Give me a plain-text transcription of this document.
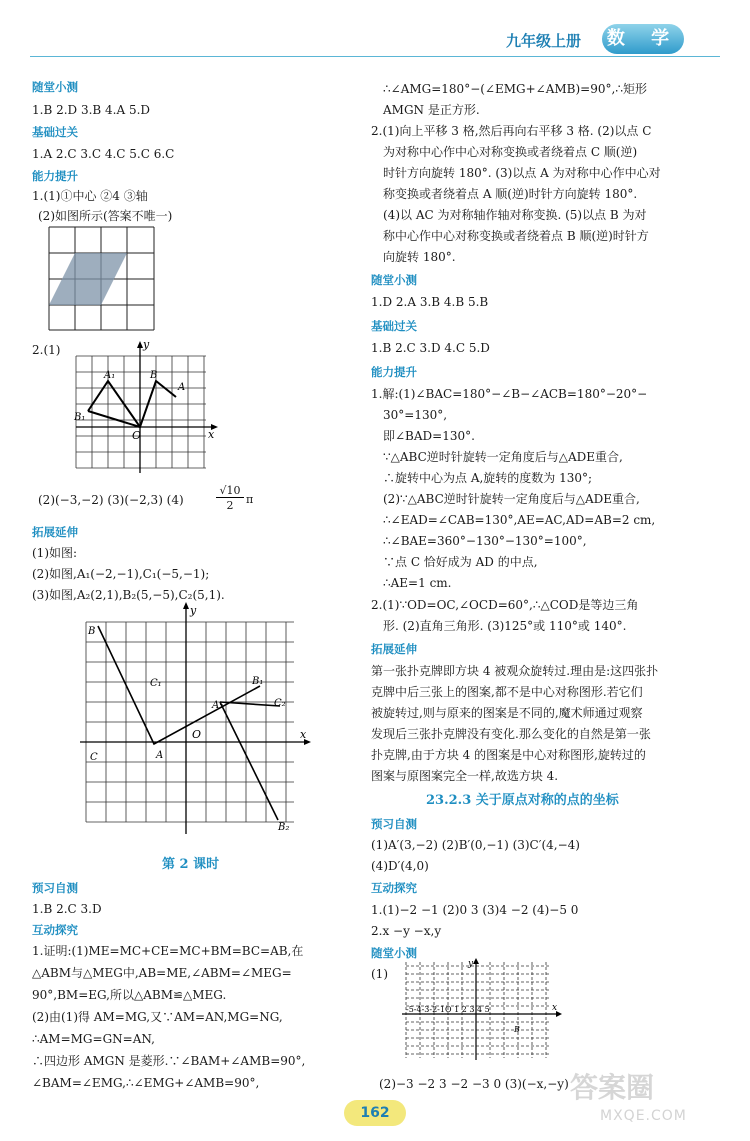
九年级上册 数 学
随堂小测
1.B 2.D 3.B 4.A 5.D
基础过关
1.A 2.C 3.C 4.C 5.C 6.C
能力提升
1.(1)①中心 ②4 ③轴
(2)如图所示(答案不唯一)
2.(1)	y
x
O
A₁	B
A
B₁
(2)(−3,−2) (3)(−2,3) (4)
√10
2	π
拓展延伸
(1)如图:
(2)如图,A₁(−2,−1),C₁(−5,−1);
(3)如图,A₂(2,1),B₂(5,−5),C₂(5,1).
y
x
O
B
C₁
A
C
B₁
A₂	C₂
B₂
第 2 课时
预习自测
1.B 2.C 3.D
互动探究
1.证明:(1)ME=MC+CE=MC+BM=BC=AB,在
△ABM与△MEG中,AB=ME,∠ABM=∠MEG=
90°,BM=EG,所以△ABM≌△MEG.
(2)由(1)得 AM=MG,又∵AM=AN,MG=NG,
∴AM=MG=GN=AN,
∴四边形 AMGN 是菱形.∵∠BAM+∠AMB=90°,
∠BAM=∠EMG,∴∠EMG+∠AMB=90°,
∴∠AMG=180°−(∠EMG+∠AMB)=90°,∴矩形
AMGN 是正方形.
2.(1)向上平移 3 格,然后再向右平移 3 格. (2)以点 C
为对称中心作中心对称变换或者绕着点 C 顺(逆)
时针方向旋转 180°. (3)以点 A 为对称中心作中心对
称变换或者绕着点 A 顺(逆)时针方向旋转 180°.
(4)以 AC 为对称轴作轴对称变换. (5)以点 B 为对
称中心作中心对称变换或者绕着点 B 顺(逆)时针方
向旋转 180°.
随堂小测
1.D 2.A 3.B 4.B 5.B
基础过关
1.B 2.C 3.D 4.C 5.D
能力提升
1.解:(1)∠BAC=180°−∠B−∠ACB=180°−20°−
30°=130°,
即∠BAD=130°.
∵△ABC逆时针旋转一定角度后与△ADE重合,
∴旋转中心为点 A,旋转的度数为 130°;
(2)∵△ABC逆时针旋转一定角度后与△ADE重合,
∴∠EAD=∠CAB=130°,AE=AC,AD=AB=2 cm,
∴∠BAE=360°−130°−130°=100°,
∵点 C 恰好成为 AD 的中点,
∴AE=1 cm.
2.(1)∵OD=OC,∠OCD=60°,∴△COD是等边三角
形. (2)直角三角形. (3)125°或 110°或 140°.
拓展延伸
第一张扑克牌即方块 4 被观众旋转过.理由是:这四张扑
克牌中后三张上的图案,都不是中心对称图形.若它们
被旋转过,则与原来的图案是不同的,魔术师通过观察
发现后三张扑克牌没有变化.那么变化的自然是第一张
扑克牌,由于方块 4 的图案是中心对称图形,旋转过的
图案与原图案完全一样,故选方块 4.
23.2.3 关于原点对称的点的坐标
预习自测
(1)A′(3,−2) (2)B′(0,−1) (3)C′(4,−4)
(4)D′(4,0)
互动探究
1.(1)−2 −1 (2)0 3 (3)4 −2 (4)−5 0
2.x −y −x,y
随堂小测
(1)
y
x
-5-4-3-2-1O 1 2 3 4 5
B
(2)−3 −2 3 −2 −3 0 (3)(−x,−y)
162
答案圈
MXQE.COM
